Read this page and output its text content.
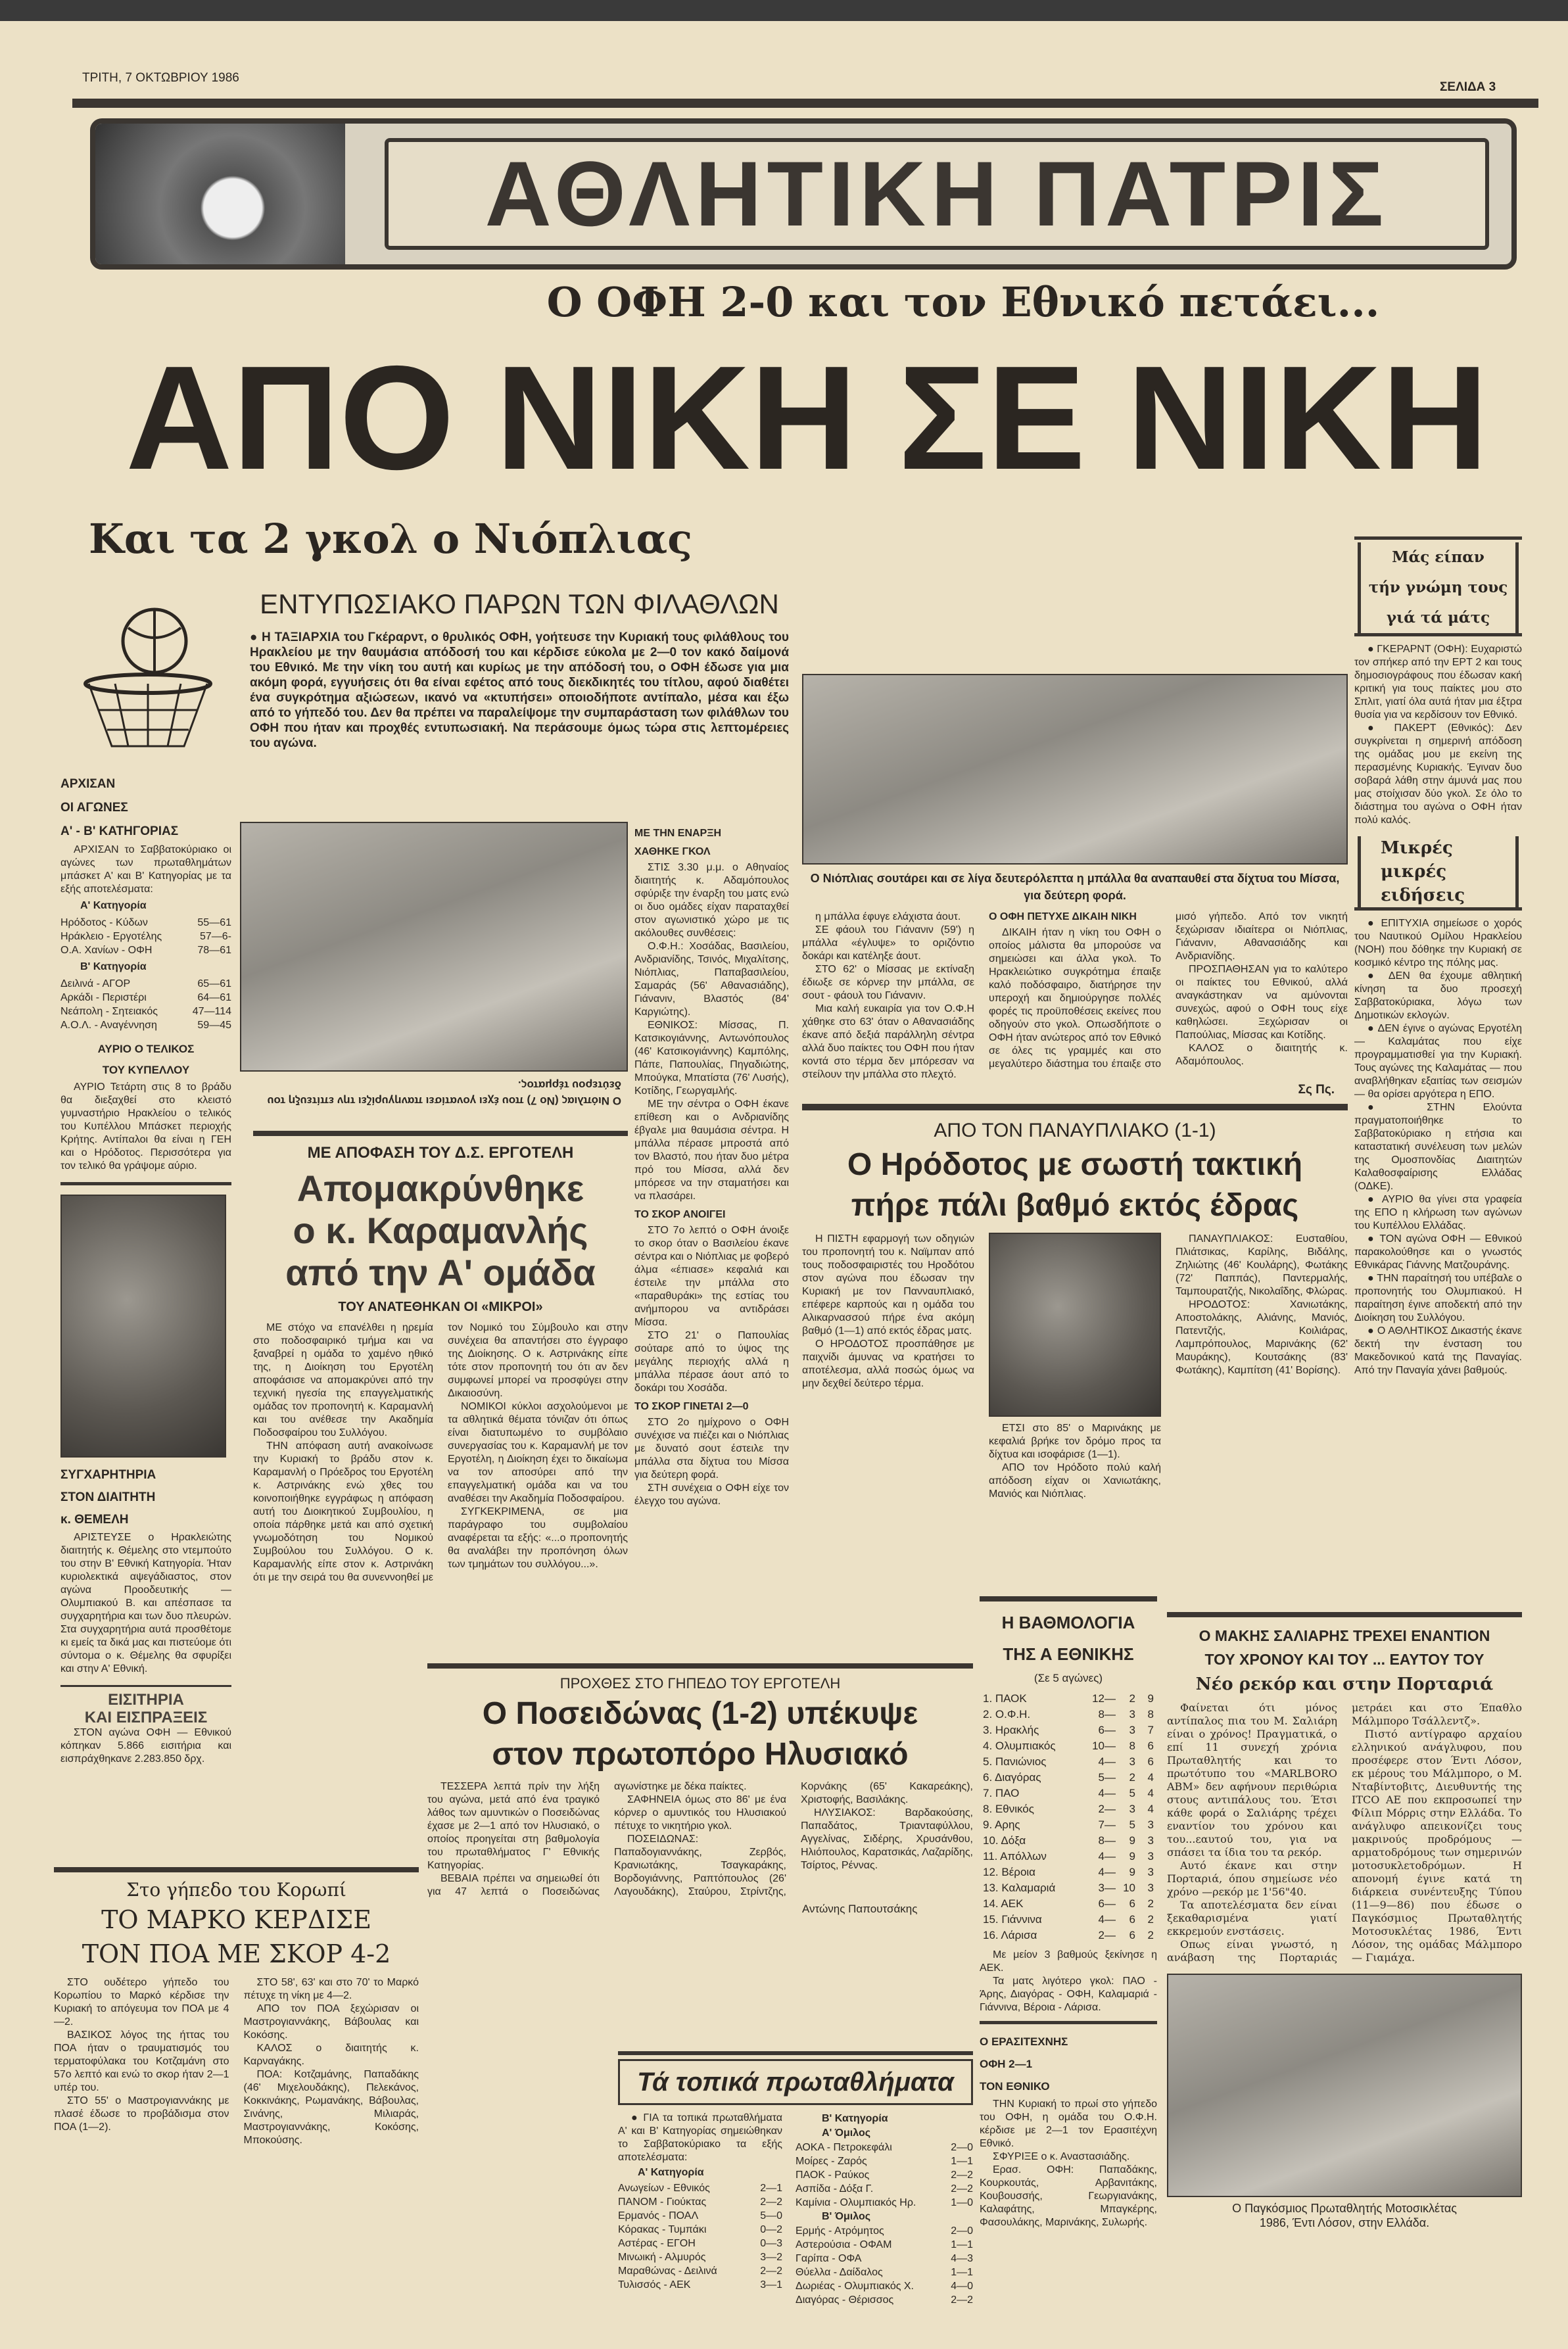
ΤΡΙΤΗ, 7 ΟΚΤΩΒΡΙΟΥ 1986
ΣΕΛΙΔΑ 3
ΑΘΛΗΤΙΚΗ ΠΑΤΡΙΣ
Ο ΟΦΗ 2-0 και τον Εθνικό πετάει...
ΑΠΟ ΝΙΚΗ ΣΕ ΝΙΚΗ
Και τα 2 γκολ ο Νιόπλιας
ΕΝΤΥΠΩΣΙΑΚΟ ΠΑΡΩΝ ΤΩΝ ΦΙΛΑΘΛΩΝ
● Η ΤΑΞΙΑΡΧΙΑ του Γκέραρντ, ο θρυλικός ΟΦΗ, γοήτευσε την Κυριακή τους φιλάθλους του Ηρακλείου με την θαυμάσια απόδοσή του και κέρδισε εύκολα με 2—0 τον κακό δαίμονά του Εθνικό. Με την νίκη του αυτή και κυρίως με την απόδοσή του, ο ΟΦΗ έδωσε για μια ακόμη φορά, εγγυήσεις ότι θα είναι εφέτος από τους διεκδικητές του τίτλου, αφού διαθέτει ένα συγκρότημα αξιώσεων, ικανό να «κτυπήσει» οποιοδήποτε αντίπαλο, μέσα και έξω από το γήπεδό του. Δεν θα πρέπει να παραλείψομε την συμπαράσταση των φιλάθλων του ΟΦΗ που ήταν και προχθές εντυπωσιακή. Να περάσουμε όμως τώρα στις λεπτομέρειες του αγώνα.
Ο Νιόπλιας (Νο 7) που έχει γονατίσει πανηγυρίζει την επίτευξη του δεύτερου τέρματος.

ΜΕ ΤΗΝ ΕΝΑΡΞΗ

ΧΑΘΗΚΕ ΓΚΟΛ

ΣΤΙΣ 3.30 μ.μ. ο Αθηναίος διαιτητής κ. Αδαμόπουλος σφύριξε την έναρξη του ματς ενώ οι δυο ομάδες είχαν παραταχθεί στον αγωνιστικό χώρο με τις ακόλουθες συνθέσεις:

Ο.Φ.Η.: Χοσάδας, Βασιλείου, Ανδριανίδης, Τσινός, Μιχαλίτσης, Νιόπλιας, Παπαβασιλείου, Σαμαράς (56' Αθανασιάδης), Γιάνανιν, Βλαστός (84' Καργιώτης).

ΕΘΝΙΚΟΣ: Μίσσας, Π. Κατσικογιάννης, Αντωνόπουλος (46' Κατσικογιάννης) Καμπόλης, Πάπε, Παπουλίας, Πηγαδιώτης, Μπούγκα, Μπατίστα (76' Λυσής), Κοτίδης, Γεωργαμλής.

ΜΕ την σέντρα ο ΟΦΗ έκανε επίθεση και ο Ανδριανίδης έβγαλε μια θαυμάσια σέντρα. Η μπάλλα πέρασε μπροστά από τον Βλαστό, που ήταν δυο μέτρα πρό του Μίσσα, αλλά δεν μπόρεσε να την σταματήσει και να πλασάρει.

ΤΟ ΣΚΟΡ ΑΝΟΙΓΕΙ

ΣΤΟ 7ο λεπτό ο ΟΦΗ άνοιξε το σκορ όταν ο Βασιλείου έκανε σέντρα και ο Νιόπλιας με φοβερό άλμα «έπιασε» κεφαλιά και έστειλε την μπάλλα στο «παραθυράκι» της εστίας του ανήμπορου να αντιδράσει Μίσσα.

ΣΤΟ 21' ο Παπουλίας σούταρε από το ύψος της μεγάλης περιοχής αλλά η μπάλλα πέρασε άουτ από το δοκάρι του Χοσάδα.

ΤΟ ΣΚΟΡ ΓΙΝΕΤΑΙ 2—0

ΣΤΟ 2ο ημίχρονο ο ΟΦΗ συνέχισε να πιέζει και ο Νιόπλιας με δυνατό σουτ έστειλε την μπάλλα στα δίχτυα του Μίσσα για δεύτερη φορά.

ΣΤΗ συνέχεια ο ΟΦΗ είχε τον έλεγχο του αγώνα.

ΜΕ ΑΠΟΦΑΣΗ ΤΟΥ Δ.Σ. ΕΡΓΟΤΕΛΗ
Απομακρύνθηκε
ο κ. Καραμανλής
από την Α' ομάδα
ΤΟΥ ΑΝΑΤΕΘΗΚΑΝ ΟΙ «ΜΙΚΡΟΙ»

ΜΕ στόχο να επανέλθει η ηρεμία στο ποδοσφαιρικό τμήμα και να ξαναβρεί η ομάδα το χαμένο ηθικό της, η Διοίκηση του Εργοτέλη αποφάσισε να απομακρύνει από την τεχνική ηγεσία της επαγγελματικής ομάδας τον προπονητή κ. Καραμανλή και του ανέθεσε την Ακαδημία Ποδοσφαίρου του Συλλόγου.

ΤΗΝ απόφαση αυτή ανακοίνωσε την Κυριακή το βράδυ στον κ. Καραμανλή ο Πρόεδρος του Εργοτέλη κ. Αστρινάκης ενώ χθες του κοινοποιήθηκε εγγράφως η απόφαση αυτή του Διοικητικού Συμβουλίου, η οποία πάρθηκε μετά και από σχετική γνωμοδότηση του Νομικού Συμβούλου του Συλλόγου. Ο κ. Καραμανλής είπε στον κ. Αστρινάκη ότι με την σειρά του θα συνεννοηθεί με τον Νομικό του Σύμβουλο και στην συνέχεια θα απαντήσει στο έγγραφο της Διοίκησης. Ο κ. Αστρινάκης είπε τότε στον προπονητή του ότι αν δεν συμφωνεί μπορεί να προσφύγει στην Δικαιοσύνη.

ΝΟΜΙΚΟΙ κύκλοι ασχολούμενοι με τα αθλητικά θέματα τόνιζαν ότι όπως είναι διατυπωμένο το συμβόλαιο συνεργασίας του κ. Καραμανλή με τον Εργοτέλη, η Διοίκηση έχει το δικαίωμα να τον αποσύρει από την επαγγελματική ομάδα και να του αναθέσει την Ακαδημία Ποδοσφαίρου.

ΣΥΓΚΕΚΡΙΜΕΝΑ, σε μια παράγραφο του συμβολαίου αναφέρεται τα εξής: «...ο προπονητής θα αναλάβει την προπόνηση όλων των τμημάτων του συλλόγου...».

ΑΡΧΙΣΑΝ
ΟΙ ΑΓΩΝΕΣ
Α' - Β' ΚΑΤΗΓΟΡΙΑΣ

ΑΡΧΙΣΑΝ το Σαββατοκύριακο οι αγώνες των πρωταθλημάτων μπάσκετ Α' και Β' Κατηγορίας με τα εξής αποτελέσματα:

Α' Κατηγορία
Ηρόδοτος - Κύδων	55—61
Ηράκλειο - Εργοτέλης	57—6-
Ο.Α. Χανίων - ΟΦΗ	78—61
Β' Κατηγορία
Δειλινά - ΑΓΟΡ	65—61
Αρκάδι - Περιστέρι	64—61
Νεάπολη - Σητειακός	47—114
Α.Ο.Λ. - Αναγέννηση	59—45
ΑΥΡΙΟ Ο ΤΕΛΙΚΟΣ
ΤΟΥ ΚΥΠΕΛΛΟΥ

ΑΥΡΙΟ Τετάρτη στις 8 το βράδυ θα διεξαχθεί στο κλειστό γυμναστήριο Ηρακλείου ο τελικός του Κυπέλλου Μπάσκετ περιοχής Κρήτης. Αντίπαλοι θα είναι η ΓΕΗ και ο Ηρόδοτος. Περισσότερα για τον τελικό θα γράψομε αύριο.

ΣΥΓΧΑΡΗΤΗΡΙΑ
ΣΤΟΝ ΔΙΑΙΤΗΤΗ
κ. ΘΕΜΕΛΗ

ΑΡΙΣΤΕΥΣΕ ο Ηρακλειώτης διαιτητής κ. Θέμελης στο ντεμπούτο του στην Β' Εθνική Κατηγορία. Ήταν κυριολεκτικά αψεγάδιαστος, στον αγώνα Προοδευτικής — Ολυμπιακού Β. και απέσπασε τα συγχαρητήρια και των δυο πλευρών. Στα συγχαρητήρια αυτά προσθέτομε κι εμείς τα δικά μας και πιστεύομε ότι σύντομα ο κ. Θέμελης θα σφυρίξει και στην Α' Εθνική.

ΕΙΣΙΤΗΡΙΑ
ΚΑΙ ΕΙΣΠΡΑΞΕΙΣ

ΣΤΟΝ αγώνα ΟΦΗ — Εθνικού κόπηκαν 5.866 εισιτήρια και εισπράχθηκανε 2.283.850 δρχ.

ΠΡΟΧΘΕΣ ΣΤΟ ΓΗΠΕΔΟ ΤΟΥ ΕΡΓΟΤΕΛΗ
Ο Ποσειδώνας (1-2) υπέκυψε
στον πρωτοπόρο Ηλυσιακό

ΤΕΣΣΕΡΑ λεπτά πρίν την λήξη του αγώνα, μετά από ένα τραγικό λάθος των αμυντικών ο Ποσειδώνας έχασε με 2—1 από τον Ηλυσιακό, ο οποίος προηγείται στη βαθμολογία του πρωταθλήματος Γ' Εθνικής Κατηγορίας.

ΒΕΒΑΙΑ πρέπει να σημειωθεί ότι για 47 λεπτά ο Ποσειδώνας αγωνίστηκε με δέκα παίκτες.

ΣΑΦΗΝΕΙΑ όμως στο 86' με ένα κόρνερ ο αμυντικός του Ηλυσιακού πέτυχε το νικητήριο γκολ.

ΠΟΣΕΙΔΩΝΑΣ: Παπαδογιαννάκης, Ζερβός, Κρανιωτάκης, Τσαγκαράκης, Βορδογιάννης, Ραπτόπουλος (26' Λαγουδάκης), Σταύρου, Στρίντζης, Κορνάκης (65' Κακαρεάκης), Χριστοφής, Βασιλάκης.

ΗΛΥΣΙΑΚΟΣ: Βαρδακούσης, Παπαδάτος, Τριανταφύλλου, Αγγελίνας, Σιδέρης, Χρυσάνθου, Ηλιόπουλος, Καρατσικάς, Λαζαρίδης, Τσίρτος, Ρέννας.

Αντώνης Παπουτσάκης
Στο γήπεδο του Κορωπί
ΤΟ ΜΑΡΚΟ ΚΕΡΔΙΣΕ
ΤΟΝ ΠΟΑ ΜΕ ΣΚΟΡ 4-2

ΣΤΟ ουδέτερο γήπεδο του Κορωπίου το Μαρκό κέρδισε την Κυριακή το απόγευμα τον ΠΟΑ με 4—2.

ΒΑΣΙΚΟΣ λόγος της ήττας του ΠΟΑ ήταν ο τραυματισμός του τερματοφύλακα του Κοτζαμάνη στο 57ο λεπτό και ενώ το σκορ ήταν 2—1 υπέρ του.

ΣΤΟ 55' ο Μαστρογιαννάκης με πλασέ έδωσε το προβάδισμα στον ΠΟΑ (1—2).

ΣΤΟ 58', 63' και στο 70' το Μαρκό πέτυχε τη νίκη με 4—2.

ΑΠΟ τον ΠΟΑ ξεχώρισαν οι Μαστρογιαννάκης, Βάβουλας και Κοκόσης.

ΚΑΛΟΣ ο διαιτητής κ. Καρναγάκης.

ΠΟΑ: Κοτζαμάνης, Παπαδάκης (46' Μιχελουδάκης), Πελεκάνος, Κοκκινάκης, Ρωμανάκης, Βάβουλας, Σινάνης, Μιλιαράς, Μαστρογιαννάκης, Κοκόσης, Μποκούσης.

Τά τοπικά πρωταθλήματα

● ΓΙΑ τα τοπικά πρωταθλήματα Α' και Β' Κατηγορίας σημειώθηκαν το Σαββατοκύριακο τα εξής αποτελέσματα:

Α' Κατηγορία
Ανωγείων - Εθνικός	2—1
ΠΑΝΟΜ - Γιούκτας	2—2
Ερμανός - ΠΟΑΛ	5—0
Κόρακας - Τυμπάκι	0—2
Αστέρας - ΕΓΟΗ	0—3
Μινωική - Αλμυρός	3—2
Μαραθώνας - Δειλινά	2—2
Τυλισσός - ΑΕΚ	3—1
Β' Κατηγορία
Α' Όμιλος
ΑΟΚΑ - Πετροκεφάλι	2—0
Μοίρες - Ζαρός	1—1
ΠΑΟΚ - Ραύκος	2—2
Ασπίδα - Δόξα Γ.	2—2
Καμίνια - Ολυμπιακός Ηρ.	1—0
Β' Όμιλος
Ερμής - Ατρόμητος	2—0
Αστερούσια - ΟΦΑΜ	1—1
Γαρίπα - ΟΦΑ	4—3
Θύελλα - Δαίδαλος	1—1
Δωριέας - Ολυμπιακός Χ.	4—0
Διαγόρας - Θέρισσος	2—2
Ο Νιόπλιας σουτάρει και σε λίγα δευτερόλεπτα η μπάλλα θα αναπαυθεί στα δίχτυα του Μίσσα, για δεύτερη φορά.

η μπάλλα έφυγε ελάχιστα άουτ.

ΣΕ φάουλ του Γιάνανιν (59') η μπάλλα «έγλυψε» το οριζόντιο δοκάρι και κατέληξε άουτ.

ΣΤΟ 62' ο Μίσσας με εκτίναξη έδιωξε σε κόρνερ την μπάλλα, σε σουτ - φάουλ του Γιάνανιν.

Μια καλή ευκαιρία για τον Ο.Φ.Η χάθηκε στο 63' όταν ο Αθανασιάδης έκανε από δεξιά παράλληλη σέντρα αλλά δυο παίκτες του ΟΦΗ που ήταν κοντά στο τέρμα δεν μπόρεσαν να στείλουν την μπάλλα στο πλεχτό.

Ο ΟΦΗ ΠΕΤΥΧΕ ΔΙΚΑΙΗ ΝΙΚΗ

ΔΙΚΑΙΗ ήταν η νίκη του ΟΦΗ ο οποίος μάλιστα θα μπορούσε να σημειώσει και άλλα γκολ. Το Ηρακλειώτικο συγκρότημα έπαιξε καλό ποδόσφαιρο, διατήρησε την υπεροχή και δημιούργησε πολλές φορές τις προϋποθέσεις εκείνες που οδηγούν στο γκολ. Οπωσδήποτε ο ΟΦΗ ήταν ανώτερος από τον Εθνικό σε όλες τις γραμμές και στο μεγαλύτερο διάστημα του έπαιξε στο μισό γήπεδο. Από τον νικητή ξεχώρισαν ιδιαίτερα οι Νιόπλιας, Γιάνανιν, Αθανασιάδης και Ανδριανίδης.

ΠΡΟΣΠΑΘΗΣΑΝ για το καλύτερο οι παίκτες του Εθνικού, αλλά αναγκάστηκαν να αμύνονται συνεχώς, αφού ο ΟΦΗ τους είχε καθηλώσει. Ξεχώρισαν οι Παπούλιας, Μίσσας και Κοτίδης.

ΚΑΛΟΣ ο διαιτητής κ. Αδαμόπουλος.

Σς Πς.
ΑΠΟ ΤΟΝ ΠΑΝΑΥΠΛΙΑΚΟ (1-1)
Ο Ηρόδοτος με σωστή τακτική
πήρε πάλι βαθμό εκτός έδρας

Η ΠΙΣΤΗ εφαρμογή των οδηγιών του προπονητή του κ. Ναϊμπαν από τους ποδοσφαιριστές του Ηροδότου στον αγώνα που έδωσαν την Κυριακή με τον Πανναυπλιακό, επέφερε καρπούς και η ομάδα του Αλικαρνασσού πήρε ένα ακόμη βαθμό (1—1) από εκτός έδρας ματς.

Ο ΗΡΟΔΟΤΟΣ προσπάθησε με παιχνίδι άμυνας να κρατήσει το αποτέλεσμα, αλλά ποσώς όμως να μην δεχθεί δεύτερο τέρμα.

ΕΤΣΙ στο 85' ο Μαρινάκης με κεφαλιά βρήκε τον δρόμο προς τα δίχτυα και ισοφάρισε (1—1).

ΑΠΟ τον Ηρόδοτο πολύ καλή απόδοση είχαν οι Χανιωτάκης, Μανιός και Νιόπλιας.

ΠΑΝΑΥΠΛΙΑΚΟΣ: Ευσταθίου, Πλιάτσικας, Καρίλης, Βιδάλης, Ζηλιώτης (46' Κουλάρης), Φωτάκης (72' Παππάς), Παντερμαλής, Ταμπουρατζής, Νικολαΐδης, Φλώρας.

ΗΡΟΔΟΤΟΣ: Χανιωτάκης, Αποστολάκης, Αλιάνης, Μανιός, Πατεντζής, Κοιλιάρας, Λαμπρόπουλος, Μαρινάκης (62' Μαυράκης), Κουτσάκης (83' Φωτάκης), Καμπίτση (41' Βορίσης).

Μάς είπαν
τήν γνώμη τους
γιά τά μάτς

● ΓΚΕΡΑΡΝΤ (ΟΦΗ): Ευχαριστώ τον σπήκερ από την ΕΡΤ 2 και τους δημοσιογράφους που έδωσαν κακή κριτική για τους παίκτες μου στο Σπλιτ, γιατί όλα αυτά ήταν μια έξτρα θυσία για να κερδίσουν τον Εθνικό.

● ΠΑΚΕΡΤ (Εθνικός): Δεν συγκρίνεται η σημερινή απόδοση της ομάδας μου με εκείνη της περασμένης Κυριακής. Έγιναν δυο σοβαρά λάθη στην άμυνά μας που μας στοίχισαν δύο γκολ. Σε όλο το διάστημα του αγώνα ο ΟΦΗ ήταν πολύ καλός.

Μικρές
μικρές
ειδήσεις

● ΕΠΙΤΥΧΙΑ σημείωσε ο χορός του Ναυτικού Ομίλου Ηρακλείου (ΝΟΗ) που δόθηκε την Κυριακή σε κοσμικό κέντρο της πόλης μας.

● ΔΕΝ θα έχουμε αθλητική κίνηση τα δυο προσεχή Σαββατοκύριακα, λόγω των Δημοτικών εκλογών.

● ΔΕΝ έγινε ο αγώνας Εργοτέλη — Καλαμάτας που είχε προγραμματισθεί για την Κυριακή. Τους αγώνες της Καλαμάτας — που αναβλήθηκαν εξαιτίας των σεισμών — θα ορίσει αργότερα η ΕΠΟ.

● ΣΤΗΝ Ελούντα πραγματοποιήθηκε το Σαββατοκύριακο η ετήσια και καταστατική συνέλευση των μελών της Ομοσπονδίας Διαιτητών Καλαθοσφαίρισης Ελλάδας (ΟΔΚΕ).

● ΑΥΡΙΟ θα γίνει στα γραφεία της ΕΠΟ η κλήρωση των αγώνων του Κυπέλλου Ελλάδας.

● ΤΟΝ αγώνα ΟΦΗ — Εθνικού παρακολούθησε και ο γνωστός Εθνικάρας Γιάννης Ματζουράνης.

● ΤΗΝ παραίτησή του υπέβαλε ο προπονητής του Ολυμπιακού. Η παραίτηση έγινε αποδεκτή από την Διοίκηση του Συλλόγου.

● Ο ΑΘΛΗΤΙΚΟΣ Δικαστής έκανε δεκτή την ένσταση του Μακεδονικού κατά της Παναγίας. Από την Παναγία χάνει βαθμούς.

Η ΒΑΘΜΟΛΟΓΙΑ
ΤΗΣ Α ΕΘΝΙΚΗΣ
(Σε 5 αγώνες)
1. ΠΑΟΚ	12—	2	9
2. Ο.Φ.Η.	8—	3	8
3. Ηρακλής	6—	3	7
4. Ολυμπιακός	10—	8	6
5. Πανιώνιος	4—	3	6
6. Διαγόρας	5—	2	4
7. ΠΑΟ	4—	5	4
8. Εθνικός	2—	3	4
9. Αρης	7—	5	3
10. Δόξα	8—	9	3
11. Απόλλων	4—	9	3
12. Βέροια	4—	9	3
13. Καλαμαριά	3— 10	3
14. ΑΕΚ	6—	6	2
15. Γιάννινα	4—	6	2
16. Λάρισα	2—	6	2

Με μείον 3 βαθμούς ξεκίνησε η ΑΕΚ.

Τα ματς λιγότερο γκολ: ΠΑΟ - Άρης, Διαγόρας - ΟΦΗ, Καλαμαριά - Γιάννινα, Βέροια - Λάρισα.

Ο ΕΡΑΣΙΤΕΧΝΗΣ
ΟΦΗ 2—1
ΤΟΝ ΕΘΝΙΚΟ

ΤΗΝ Κυριακή το πρωί στο γήπεδο του ΟΦΗ, η ομάδα του Ο.Φ.Η. κέρδισε με 2—1 τον Ερασιτέχνη Εθνικό.

ΣΦΥΡΙΞΕ ο κ. Αναστασιάδης.

Ερασ. ΟΦΗ: Παπαδάκης, Κουρκουτάς, Αρβανιτάκης, Κουβουσσής, Γεωργιανάκης, Καλαφάτης, Μπαγκέρης, Φασουλάκης, Μαρινάκης, Συλωρής.

Ο ΜΑΚΗΣ ΣΑΛΙΑΡΗΣ ΤΡΕΧΕΙ ΕΝΑΝΤΙΟΝ
ΤΟΥ ΧΡΟΝΟΥ ΚΑΙ ΤΟΥ ... ΕΑΥΤΟΥ ΤΟΥ
Νέο ρεκόρ και στην Πορταριά

Φαίνεται ότι μόνος αντίπαλος πια του Μ. Σαλιάρη είναι ο χρόνος! Πραγματικά, ο επί 11 συνεχή χρόνια Πρωταθλητής και το πρωτότυπο του «ΜΑRLBORO ΑΒΜ» δεν αφήνουν περιθώρια στους αντιπάλους του. Έτσι κάθε φορά ο Σαλιάρης τρέχει εναντίον του χρόνου και του...εαυτού του, για να σπάσει τα ίδια του τα ρεκόρ.

Αυτό έκανε και στην Πορταριά, όπου σημείωσε νέο χρόνο —ρεκόρ με 1'56"40.

Τα αποτελέσματα δεν είναι ξεκαθαρισμένα γιατί εκκρεμούν ενστάσεις.

Οπως είναι γνωστό, η ανάβαση της Πορταριάς μετράει και στο Έπαθλο Μάλμπορο Τσάλλεντζ».

Πιστό αντίγραφο αρχαίου ελληνικού ανάγλυφου, που προσέφερε στον Έντι Λόσον, εκ μέρους του Μάλμπορο, ο Μ. Νταβίντοβιτς, Διευθυντής της ΙΤCΟ ΑΕ που εκπροσωπεί την Φίλιπ Μόρρις στην Ελλάδα. Το ανάγλυφο απεικονίζει τους μακρινούς προδρόμους — αρματοδρόμους των σημερινών μοτοσυκλετοδρόμων. Η απονομή έγινε κατά τη διάρκεια συνέντευξης Τύπου (11—9—86) που έδωσε ο Παγκόσμιος Πρωταθλητής Μοτοσυκλέτας 1986, Έντι Λόσον, της ομάδας Μάλμπορο — Γιαμάχα.

Ο Παγκόσμιος Πρωταθλητής Μοτοσικλέτας
1986, Έντι Λόσον, στην Ελλάδα.
